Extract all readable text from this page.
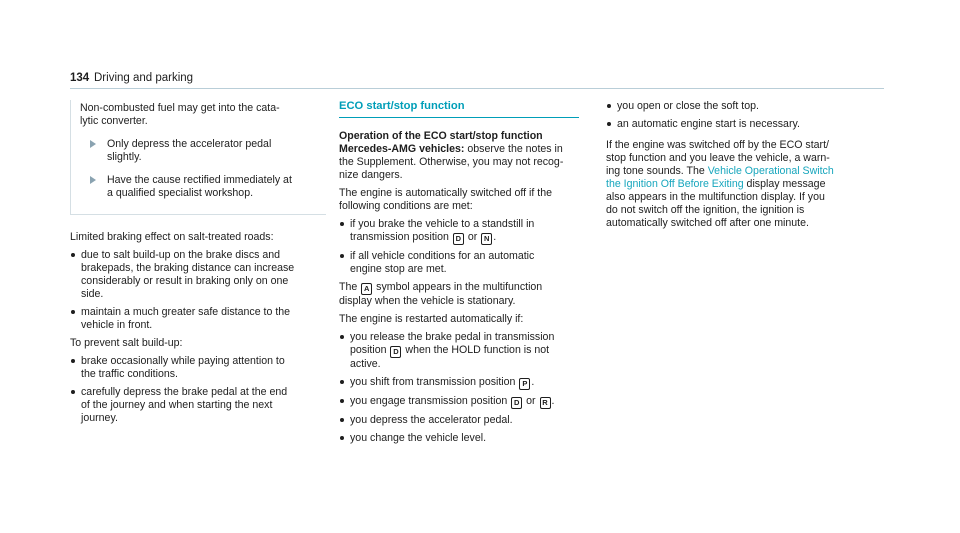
134 Driving and parking

Non-combusted fuel may get into the cata-
lytic converter.

Only depress the accelerator pedal
slightly.
Have the cause rectified immediately at
a qualified specialist workshop.

Limited braking effect on salt-treated roads:

due to salt build-up on the brake discs and
brakepads, the braking distance can increase
considerably or result in braking only on one
side.
maintain a much greater safe distance to the
vehicle in front.

To prevent salt build-up:

brake occasionally while paying attention to
the traffic conditions.
carefully depress the brake pedal at the end
of the journey and when starting the next
journey.
ECO start/stop function

Operation of the ECO start/stop function
Mercedes-AMG vehicles: observe the notes in
the Supplement. Otherwise, you may not recog-
nize dangers.

The engine is automatically switched off if the
following conditions are met:

if you brake the vehicle to a standstill in
transmission position D or N .
if all vehicle conditions for an automatic
engine stop are met.

The A symbol appears in the multifunction
display when the vehicle is stationary.

The engine is restarted automatically if:

you release the brake pedal in transmission
position D when the HOLD function is not
active.
you shift from transmission position P .
you engage transmission position D or R .
you depress the accelerator pedal.
you change the vehicle level.
you open or close the soft top.
an automatic engine start is necessary.

If the engine was switched off by the ECO start/
stop function and you leave the vehicle, a warn-
ing tone sounds. The Vehicle Operational Switch
the Ignition Off Before Exiting display message
also appears in the multifunction display. If you
do not switch off the ignition, the ignition is
automatically switched off after one minute.
